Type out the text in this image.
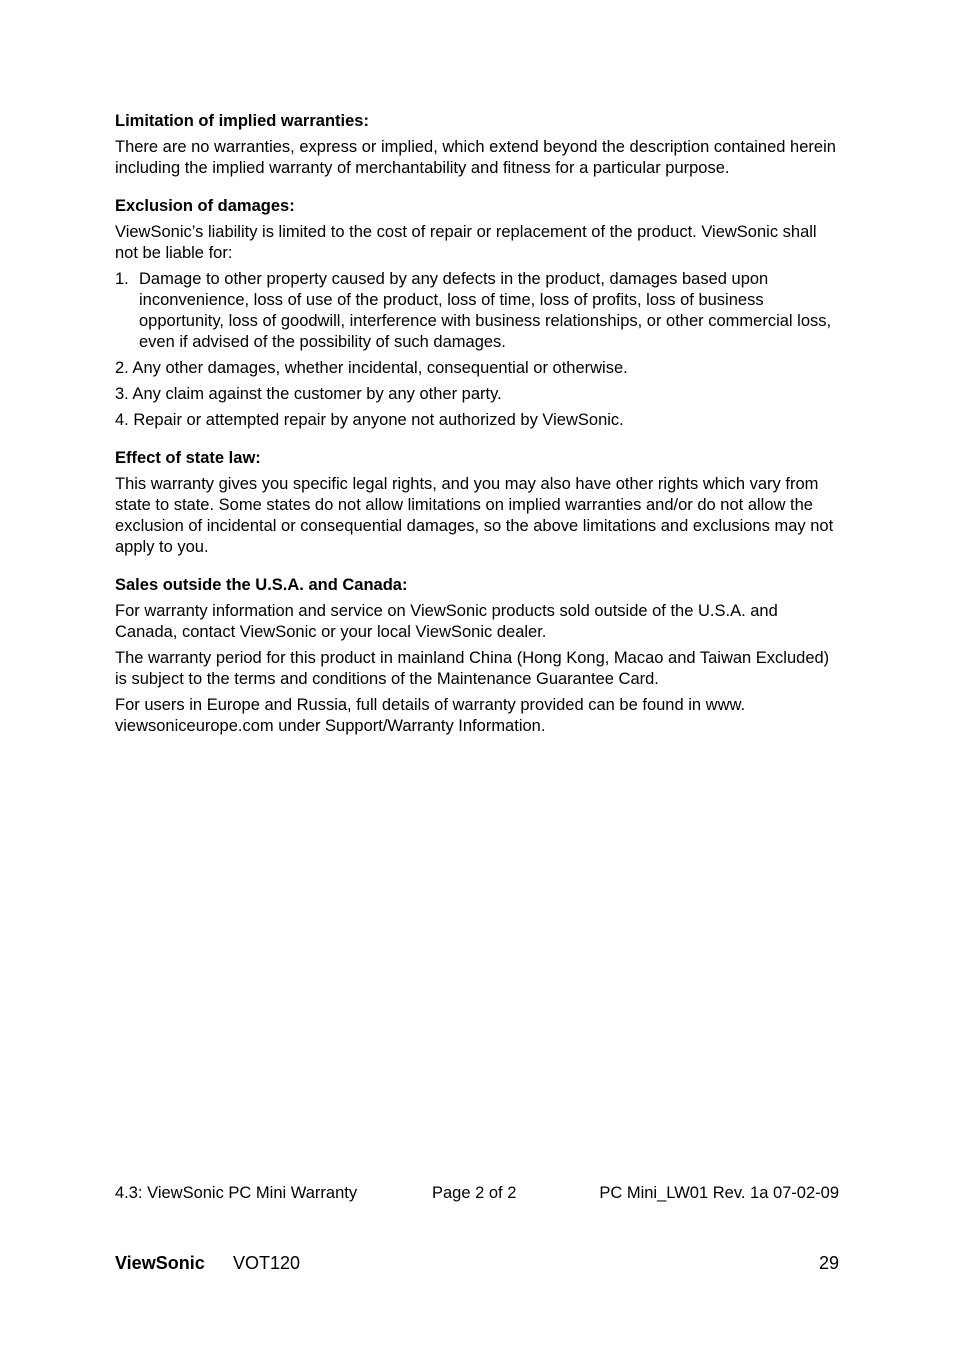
Limitation of implied warranties:
There are no warranties, express or implied, which extend beyond the description contained herein including the implied warranty of merchantability and fitness for a particular purpose.
Exclusion of damages:
ViewSonic’s liability is limited to the cost of repair or replacement of the product. ViewSonic shall not be liable for:
1. Damage to other property caused by any defects in the product, damages based upon inconvenience, loss of use of the product, loss of time, loss of profits, loss of business opportunity, loss of goodwill, interference with business relationships, or other commercial loss, even if advised of the possibility of such damages.
2. Any other damages, whether incidental, consequential or otherwise.
3. Any claim against the customer by any other party.
4. Repair or attempted repair by anyone not authorized by ViewSonic.
Effect of state law:
This warranty gives you specific legal rights, and you may also have other rights which vary from state to state. Some states do not allow limitations on implied warranties and/or do not allow the exclusion of incidental or consequential damages, so the above limitations and exclusions may not apply to you.
Sales outside the U.S.A. and Canada:
For warranty information and service on ViewSonic products sold outside of the U.S.A. and Canada, contact ViewSonic or your local ViewSonic dealer.
The warranty period for this product in mainland China (Hong Kong, Macao and Taiwan Excluded) is subject to the terms and conditions of the Maintenance Guarantee Card.
For users in Europe and Russia, full details of warranty provided can be found in www. viewsoniceurope.com under Support/Warranty Information.
4.3: ViewSonic PC Mini Warranty	Page 2 of 2	PC Mini_LW01 Rev. 1a 07-02-09
ViewSonic VOT120	29
